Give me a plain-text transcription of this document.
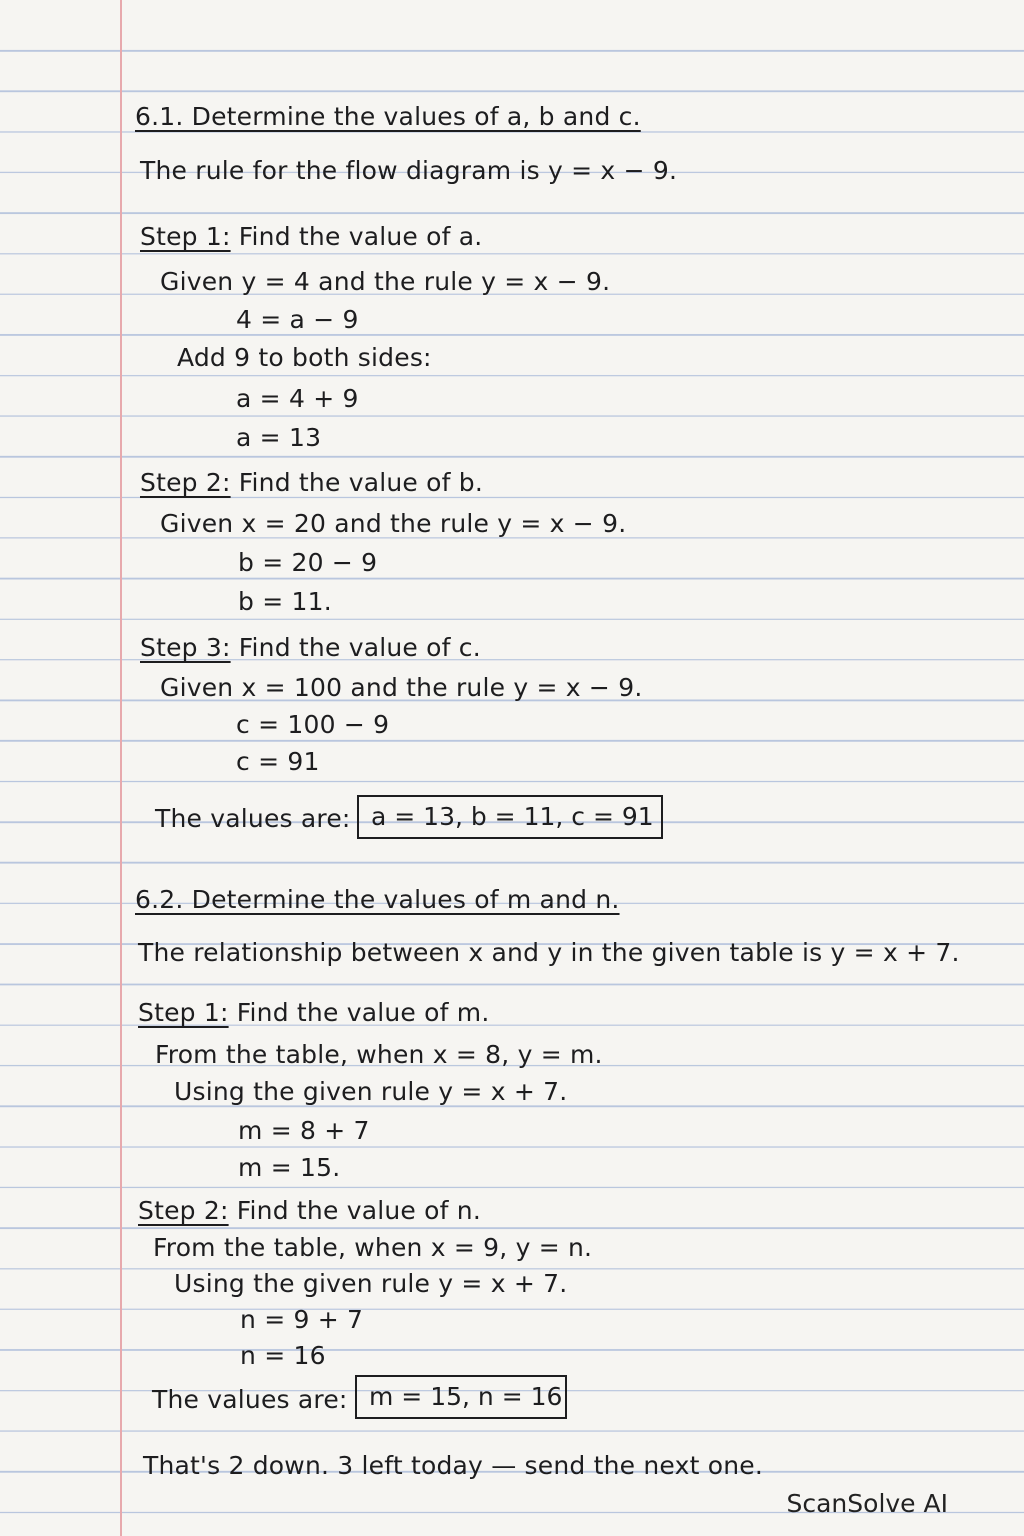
6.1. Determine the values of a, b and c.
The rule for the flow diagram is y = x − 9.
Step 1: Find the value of a.
Given y = 4 and the rule y = x − 9.
4 = a − 9
Add 9 to both sides:
a = 4 + 9
a = 13
Step 2: Find the value of b.
Given x = 20 and the rule y = x − 9.
b = 20 − 9
b = 11.
Step 3: Find the value of c.
Given x = 100 and the rule y = x − 9.
c = 100 − 9
c = 91
The values are: a = 13, b = 11, c = 91
6.2. Determine the values of m and n.
The relationship between x and y in the given table is y = x + 7.
Step 1: Find the value of m.
From the table, when x = 8, y = m.
Using the given rule y = x + 7.
m = 8 + 7
m = 15.
Step 2: Find the value of n.
From the table, when x = 9, y = n.
Using the given rule y = x + 7.
n = 9 + 7
n = 16
The values are: m = 15, n = 16
That's 2 down. 3 left today — send the next one.
ScanSolve AI
